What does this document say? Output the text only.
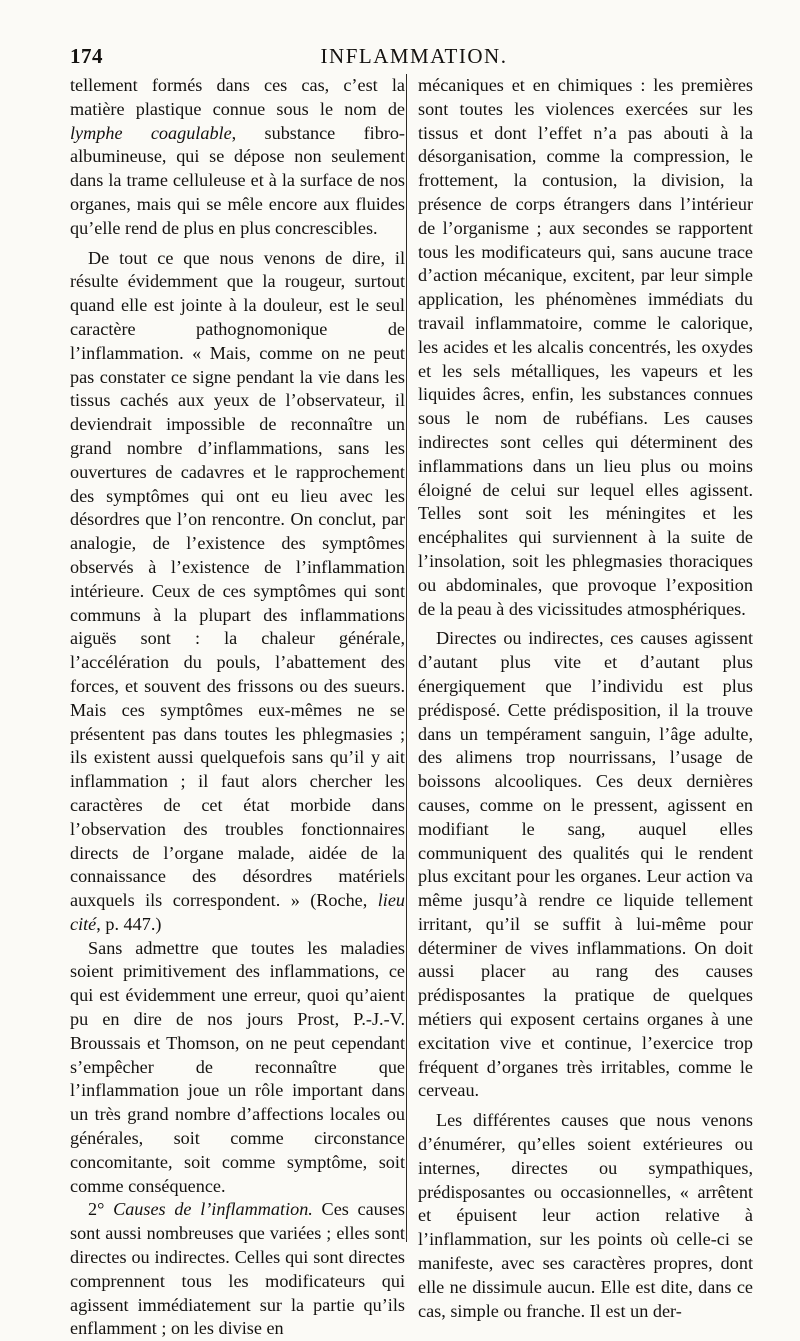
174	INFLAMMATION.

tellement formés dans ces cas, c’est la matière plastique connue sous le nom de lymphe coagulable, substance fibro-albumineuse, qui se dépose non seulement dans la trame celluleuse et à la surface de nos organes, mais qui se mêle encore aux fluides qu’elle rend de plus en plus concrescibles.

De tout ce que nous venons de dire, il résulte évidemment que la rougeur, surtout quand elle est jointe à la douleur, est le seul caractère pathognomonique de l’inflammation. « Mais, comme on ne peut pas constater ce signe pendant la vie dans les tissus cachés aux yeux de l’observateur, il deviendrait impossible de reconnaître un grand nombre d’inflammations, sans les ouvertures de cadavres et le rapprochement des symptômes qui ont eu lieu avec les désordres que l’on rencontre. On conclut, par analogie, de l’existence des symptômes observés à l’existence de l’inflammation intérieure. Ceux de ces symptômes qui sont communs à la plupart des inflammations aiguës sont : la chaleur générale, l’accélération du pouls, l’abattement des forces, et souvent des frissons ou des sueurs. Mais ces symptômes eux-mêmes ne se présentent pas dans toutes les phlegmasies ; ils existent aussi quelquefois sans qu’il y ait inflammation ; il faut alors chercher les caractères de cet état morbide dans l’observation des troubles fonctionnaires directs de l’organe malade, aidée de la connaissance des désordres matériels auxquels ils correspondent. » (Roche, lieu cité, p. 447.)

Sans admettre que toutes les maladies soient primitivement des inflammations, ce qui est évidemment une erreur, quoi qu’aient pu en dire de nos jours Prost, P.-J.-V. Broussais et Thomson, on ne peut cependant s’empêcher de reconnaître que l’inflammation joue un rôle important dans un très grand nombre d’affections locales ou générales, soit comme circonstance concomitante, soit comme symptôme, soit comme conséquence.

2° Causes de l’inflammation. Ces causes sont aussi nombreuses que variées ; elles sont directes ou indirectes. Celles qui sont directes comprennent tous les modificateurs qui agissent immédiatement sur la partie qu’ils enflamment ; on les divise en

mécaniques et en chimiques : les premières sont toutes les violences exercées sur les tissus et dont l’effet n’a pas abouti à la désorganisation, comme la compression, le frottement, la contusion, la division, la présence de corps étrangers dans l’intérieur de l’organisme ; aux secondes se rapportent tous les modificateurs qui, sans aucune trace d’action mécanique, excitent, par leur simple application, les phénomènes immédiats du travail inflammatoire, comme le calorique, les acides et les alcalis concentrés, les oxydes et les sels métalliques, les vapeurs et les liquides âcres, enfin, les substances connues sous le nom de rubéfians. Les causes indirectes sont celles qui déterminent des inflammations dans un lieu plus ou moins éloigné de celui sur lequel elles agissent. Telles sont soit les méningites et les encéphalites qui surviennent à la suite de l’insolation, soit les phlegmasies thoraciques ou abdominales, que provoque l’exposition de la peau à des vicissitudes atmosphériques.

Directes ou indirectes, ces causes agissent d’autant plus vite et d’autant plus énergiquement que l’individu est plus prédisposé. Cette prédisposition, il la trouve dans un tempérament sanguin, l’âge adulte, des alimens trop nourrissans, l’usage de boissons alcooliques. Ces deux dernières causes, comme on le pressent, agissent en modifiant le sang, auquel elles communiquent des qualités qui le rendent plus excitant pour les organes. Leur action va même jusqu’à rendre ce liquide tellement irritant, qu’il se suffit à lui-même pour déterminer de vives inflammations. On doit aussi placer au rang des causes prédisposantes la pratique de quelques métiers qui exposent certains organes à une excitation vive et continue, l’exercice trop fréquent d’organes très irritables, comme le cerveau.

Les différentes causes que nous venons d’énumérer, qu’elles soient extérieures ou internes, directes ou sympathiques, prédisposantes ou occasionnelles, « arrêtent et épuisent leur action relative à l’inflammation, sur les points où celle-ci se manifeste, avec ses caractères propres, dont elle ne dissimule aucun. Elle est dite, dans ce cas, simple ou franche. Il est un der-
